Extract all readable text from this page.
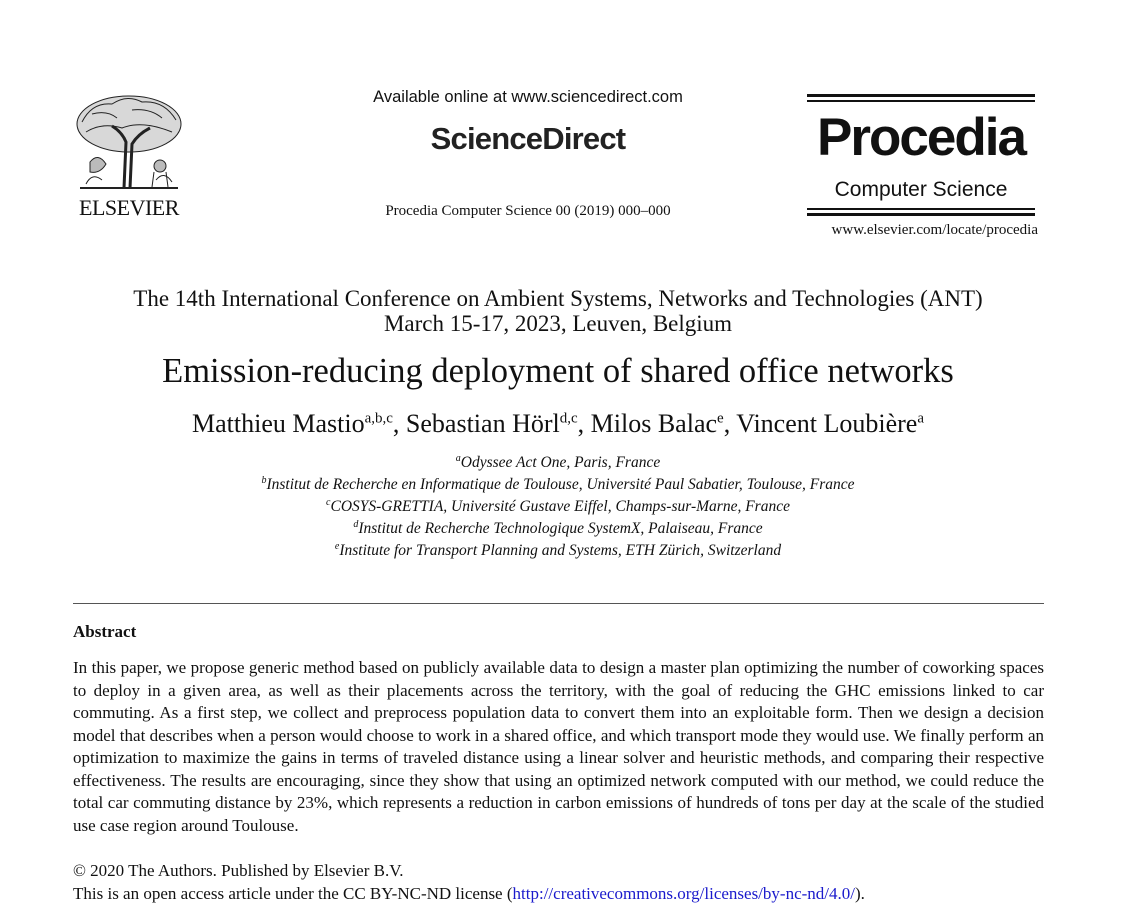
ELSEVIER
Available online at www.sciencedirect.com
ScienceDirect
Procedia Computer Science 00 (2019) 000–000
Procedia
Computer Science
www.elsevier.com/locate/procedia
The 14th International Conference on Ambient Systems, Networks and Technologies (ANT)
March 15-17, 2023, Leuven, Belgium
Emission-reducing deployment of shared office networks
Matthieu Mastio$^{a,b,c}$, Sebastian Hörl$^{d,c}$, Milos Balac$^e$, Vincent Loubière$^a$
$^a$Odyssee Act One, Paris, France
$^b$Institut de Recherche en Informatique de Toulouse, Université Paul Sabatier, Toulouse, France
$^c$COSYS-GRETTIA, Université Gustave Eiffel, Champs-sur-Marne, France
$^d$Institut de Recherche Technologique SystemX, Palaiseau, France
$^e$Institute for Transport Planning and Systems, ETH Zürich, Switzerland
Abstract
In this paper, we propose generic method based on publicly available data to design a master plan optimizing the number of coworking spaces to deploy in a given area, as well as their placements across the territory, with the goal of reducing the GHC emissions linked to car commuting. As a first step, we collect and preprocess population data to convert them into an exploitable form. Then we design a decision model that describes when a person would choose to work in a shared office, and which transport mode they would use. We finally perform an optimization to maximize the gains in terms of traveled distance using a linear solver and heuristic methods, and comparing their respective effectiveness. The results are encouraging, since they show that using an optimized network computed with our method, we could reduce the total car commuting distance by 23%, which represents a reduction in carbon emissions of hundreds of tons per day at the scale of the studied use case region around Toulouse.
© 2020 The Authors. Published by Elsevier B.V.
This is an open access article under the CC BY-NC-ND license (http://creativecommons.org/licenses/by-nc-nd/4.0/).
